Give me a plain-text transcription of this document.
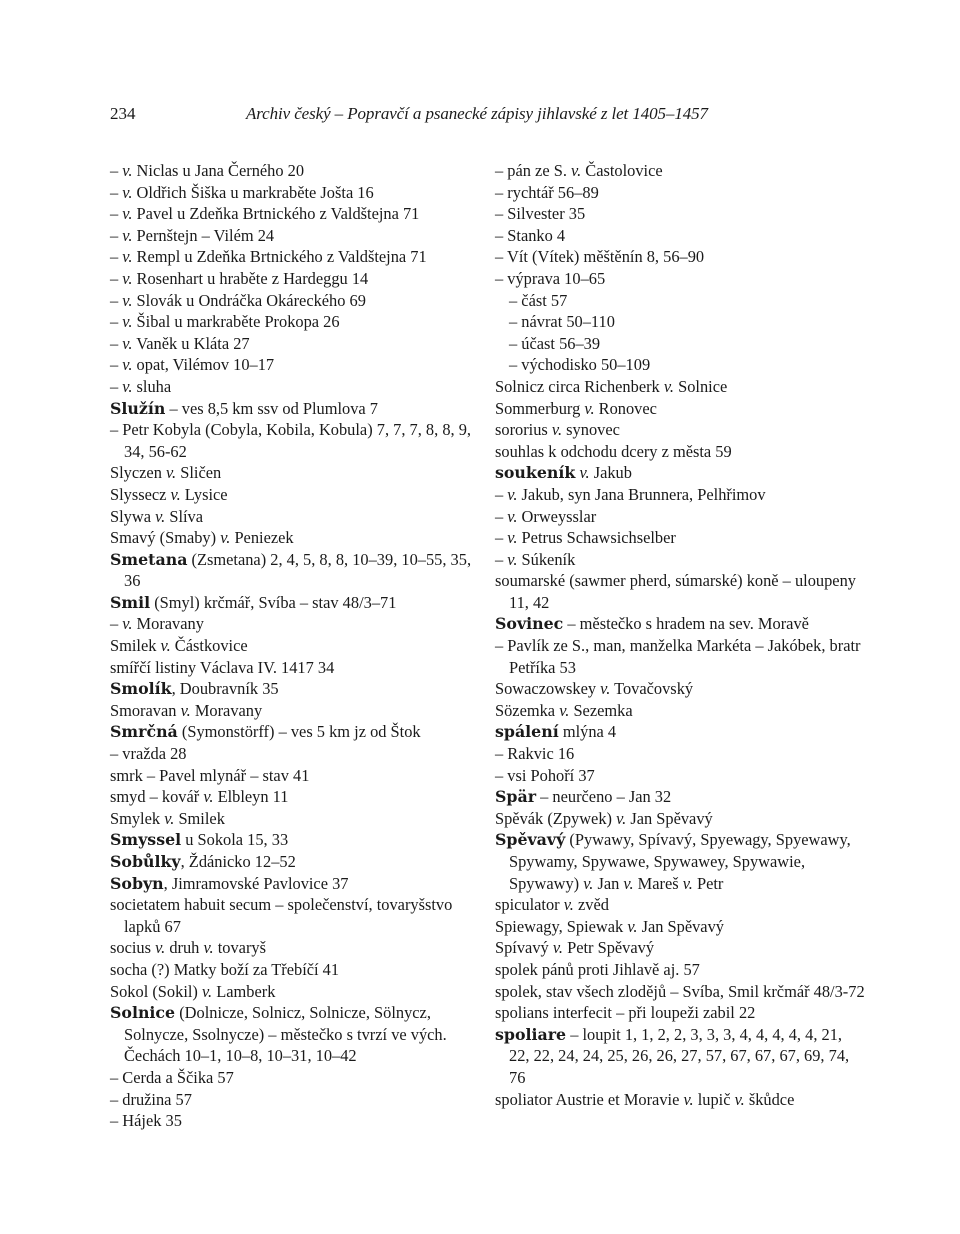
234	Archiv český – Popravčí a psanecké zápisy jihlavské z let 1405–1457
– v. Niclas u Jana Černého 20
– v. Oldřich Šiška u markraběte Jošta 16
– v. Pavel u Zdeňka Brtnického z Valdštejna 71
– v. Pernštejn – Vilém 24
– v. Rempl u Zdeňka Brtnického z Valdštejna 71
– v. Rosenhart u hraběte z Hardeggu 14
– v. Slovák u Ondráčka Okáreckého 69
– v. Šibal u markraběte Prokopa 26
– v. Vaněk u Kláta 27
– v. opat, Vilémov 10–17
– v. sluha
Služín – ves 8,5 km ssv od Plumlova 7
– Petr Kobyla (Cobyla, Kobila, Kobula) 7, 7, 7, 8, 8, 9, 34, 56-62
Slyczen v. Sličen
Slyssecz v. Lysice
Slywa v. Slíva
Smavý (Smaby) v. Peniezek
Smetana (Zsmetana) 2, 4, 5, 8, 8, 10–39, 10–55, 35, 36
Smil (Smyl) krčmář, Svíba – stav 48/3–71
– v. Moravany
Smilek v. Částkovice
smířčí listiny Václava IV. 1417 34
Smolík, Doubravník 35
Smoravan v. Moravany
Smrčná (Symonstörff) – ves 5 km jz od Štok
– vražda 28
smrk – Pavel mlynář – stav 41
smyd – kovář v. Elbleyn 11
Smylek v. Smilek
Smyssel u Sokola 15, 33
Sobůlky, Ždánicko 12–52
Sobyn, Jimramovské Pavlovice 37
societatem habuit secum – společenství, tovaryšstvo lapků 67
socius v. druh v. tovaryš
socha (?) Matky boží za Třebíčí 41
Sokol (Sokil) v. Lamberk
Solnice (Dolnicze, Solnicz, Solnicze, Sölnycz, Solnycze, Ssolnycze) – městečko s tvrzí ve vých. Čechách 10–1, 10–8, 10–31, 10–42
– Cerda a Ščika 57
– družina 57
– Hájek 35
– pán ze S. v. Častolovice
– rychtář 56–89
– Silvester 35
– Stanko 4
– Vít (Vítek) měštěnín 8, 56–90
– výprava 10–65
– část 57
– návrat 50–110
– účast 56–39
– východisko 50–109
Solnicz circa Richenberk v. Solnice
Sommerburg v. Ronovec
sororius v. synovec
souhlas k odchodu dcery z města 59
soukeník v. Jakub
– v. Jakub, syn Jana Brunnera, Pelhřimov
– v. Orweysslar
– v. Petrus Schawsichselber
– v. Súkeník
soumarské (sawmer pherd, súmarské) koně – uloupeny 11, 42
Sovinec – městečko s hradem na sev. Moravě
– Pavlík ze S., man, manželka Markéta – Jakóbek, bratr Petříka 53
Sowaczowskey v. Tovačovský
Sözemka v. Sezemka
spálení mlýna 4
– Rakvic 16
– vsi Pohoří 37
Spär – neurčeno – Jan 32
Spěvák (Zpywek) v. Jan Spěvavý
Spěvavý (Pywawy, Spívavý, Spyewagy, Spyewawy, Spywamy, Spywawe, Spywawey, Spywawie, Spywawy) v. Jan v. Mareš v. Petr
spiculator v. zvěd
Spiewagy, Spiewak v. Jan Spěvavý
Spívavý v. Petr Spěvavý
spolek pánů proti Jihlavě aj. 57
spolek, stav všech zlodějů – Svíba, Smil krčmář 48/3-72
spolians interfecit – při loupeži zabil 22
spoliare – loupit 1, 1, 2, 2, 3, 3, 3, 4, 4, 4, 4, 4, 21, 22, 22, 24, 24, 25, 26, 26, 27, 57, 67, 67, 67, 69, 74, 76
spoliator Austrie et Moravie v. lupič v. škůdce
